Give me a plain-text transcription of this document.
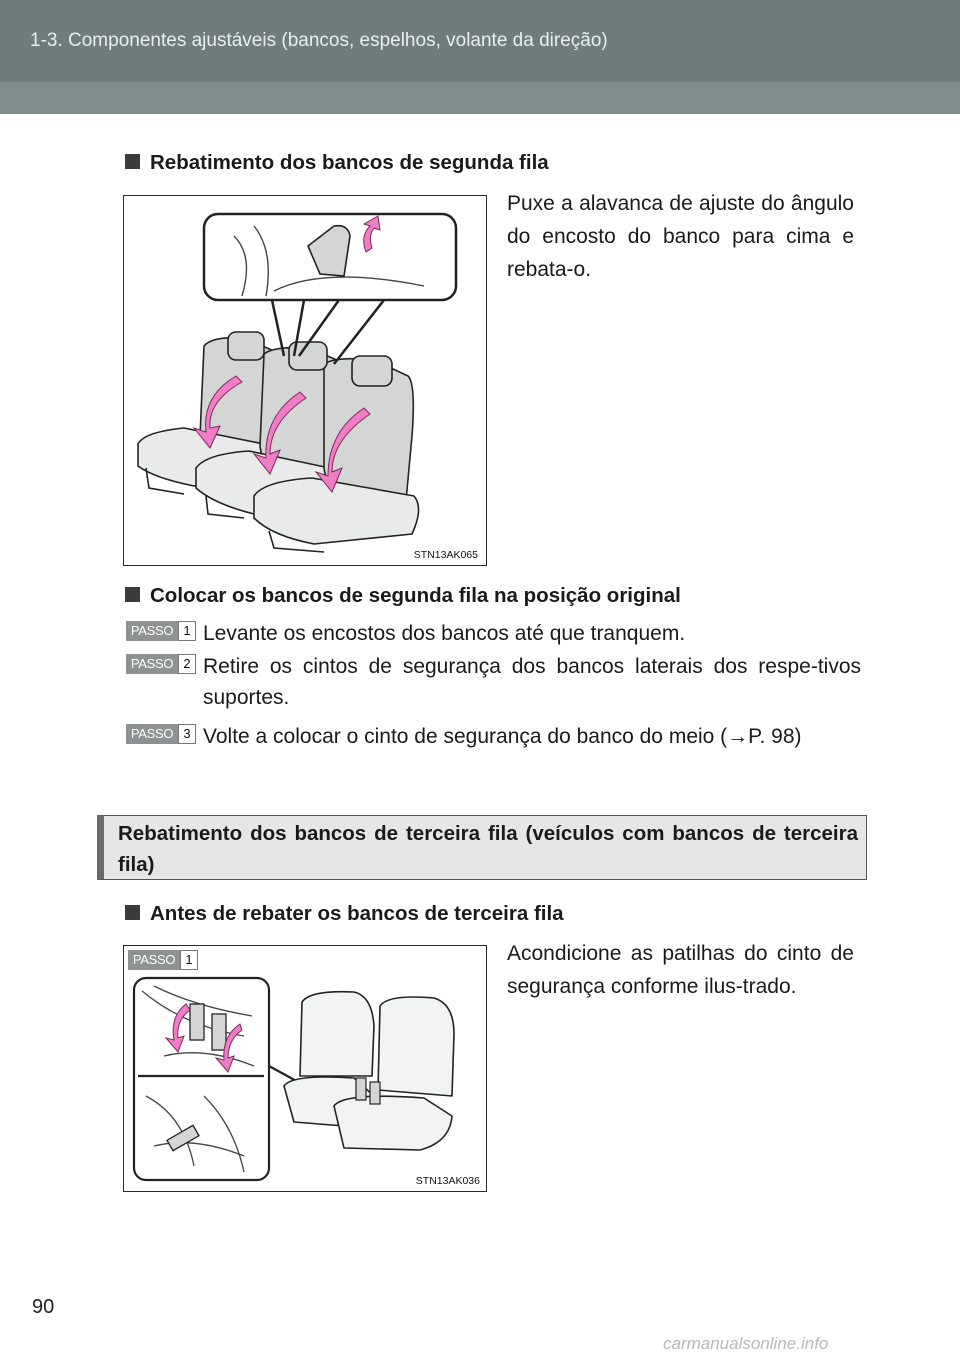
1-3. Componentes ajustáveis (bancos, espelhos, volante da direção)
Rebatimento dos bancos de segunda fila
STN13AK065
Puxe a alavanca de ajuste do ângulo do encosto do banco para cima e rebata-o.
Colocar os bancos de segunda fila na posição original
PASSO 1 Levante os encostos dos bancos até que tranquem.
PASSO 2 Retire os cintos de segurança dos bancos laterais dos respe-tivos suportes.
PASSO 3 Volte a colocar o cinto de segurança do banco do meio (→P. 98)
Rebatimento dos bancos de terceira fila (veículos com bancos de terceira fila)
Antes de rebater os bancos de terceira fila
PASSO 1
STN13AK036
Acondicione as patilhas do cinto de segurança conforme ilus-trado.
90
carmanualsonline.info
